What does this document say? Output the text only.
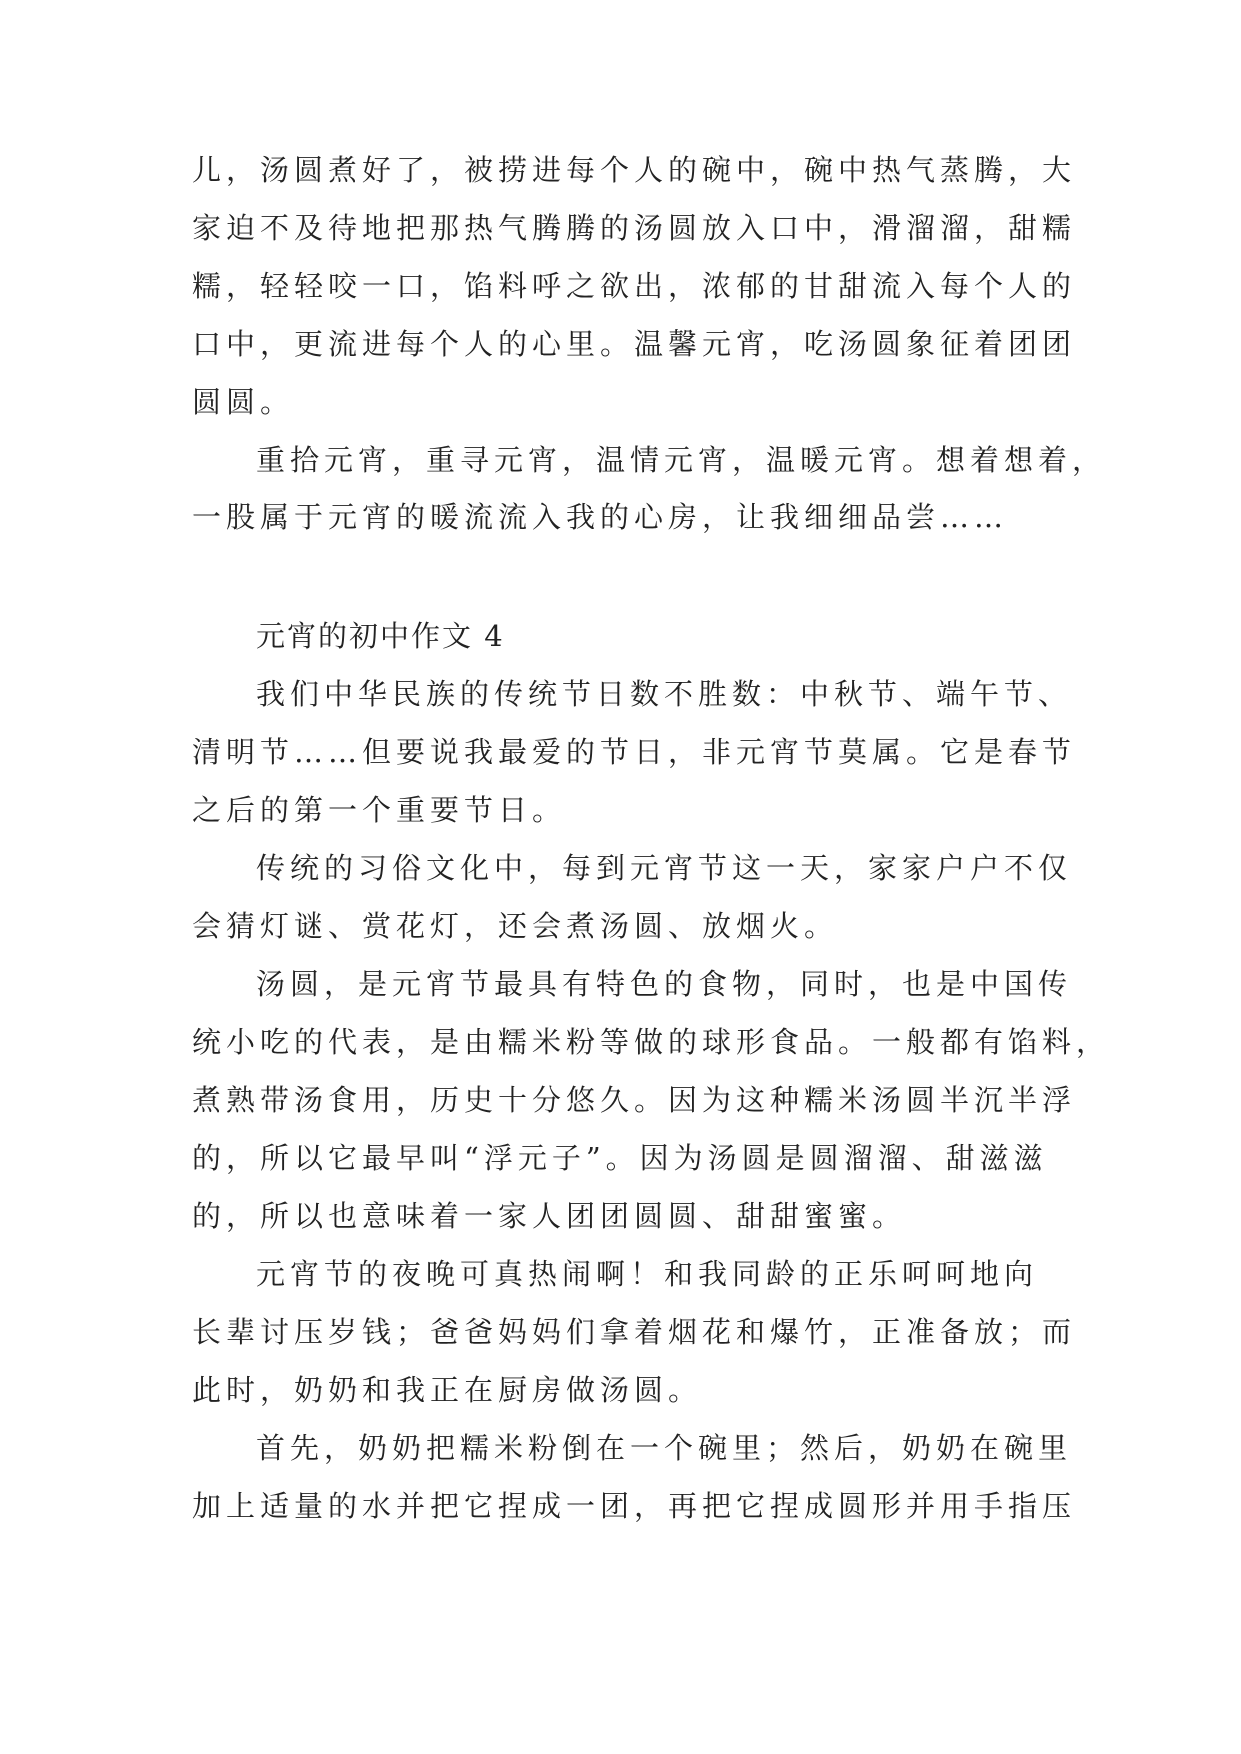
儿，汤圆煮好了，被捞进每个人的碗中，碗中热气蒸腾，大
家迫不及待地把那热气腾腾的汤圆放入口中，滑溜溜，甜糯
糯，轻轻咬一口，馅料呼之欲出，浓郁的甘甜流入每个人的
口中，更流进每个人的心里。温馨元宵，吃汤圆象征着团团
圆圆。
重拾元宵，重寻元宵，温情元宵，温暖元宵。想着想着，
一股属于元宵的暖流流入我的心房，让我细细品尝……
元宵的初中作文 4
我们中华民族的传统节日数不胜数：中秋节、端午节、
清明节……但要说我最爱的节日，非元宵节莫属。它是春节
之后的第一个重要节日。
传统的习俗文化中，每到元宵节这一天，家家户户不仅
会猜灯谜、赏花灯，还会煮汤圆、放烟火。
汤圆，是元宵节最具有特色的食物，同时，也是中国传
统小吃的代表，是由糯米粉等做的球形食品。一般都有馅料，
煮熟带汤食用，历史十分悠久。因为这种糯米汤圆半沉半浮
的，所以它最早叫“浮元子”。因为汤圆是圆溜溜、甜滋滋
的，所以也意味着一家人团团圆圆、甜甜蜜蜜。
元宵节的夜晚可真热闹啊！和我同龄的正乐呵呵地向
长辈讨压岁钱；爸爸妈妈们拿着烟花和爆竹，正准备放；而
此时，奶奶和我正在厨房做汤圆。
首先，奶奶把糯米粉倒在一个碗里；然后，奶奶在碗里
加上适量的水并把它捏成一团，再把它捏成圆形并用手指压
